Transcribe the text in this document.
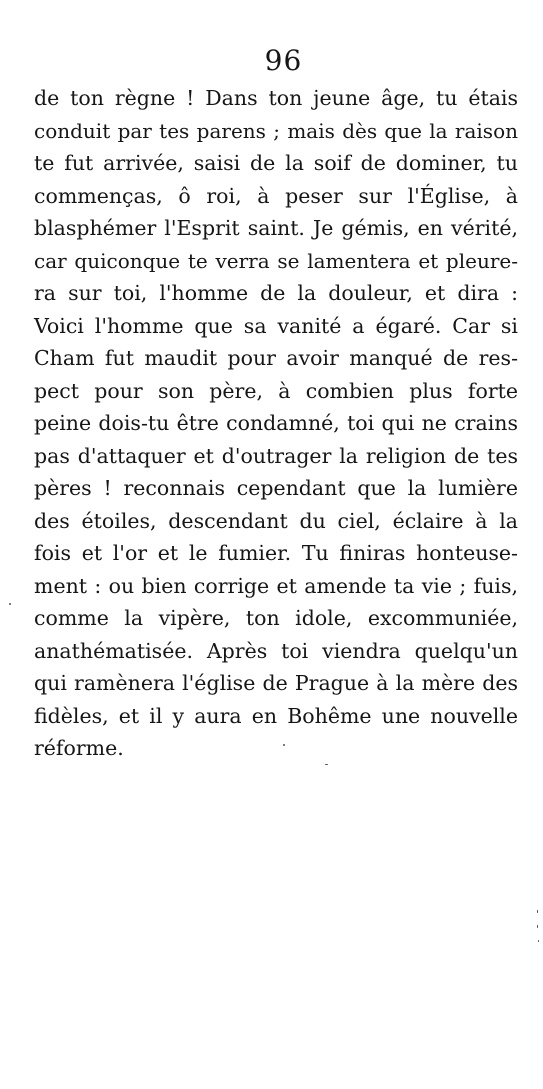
96
de ton règne ! Dans ton jeune âge, tu étais
conduit par tes parens ; mais dès que la raison
te fut arrivée, saisi de la soif de dominer, tu
commenças, ô roi, à peser sur l'Église, à
blasphémer l'Esprit saint. Je gémis, en vérité,
car quiconque te verra se lamentera et pleure-
ra sur toi, l'homme de la douleur, et dira :
Voici l'homme que sa vanité a égaré. Car si
Cham fut maudit pour avoir manqué de res-
pect pour son père, à combien plus forte
peine dois-tu être condamné, toi qui ne crains
pas d'attaquer et d'outrager la religion de tes
pères ! reconnais cependant que la lumière
des étoiles, descendant du ciel, éclaire à la
fois et l'or et le fumier. Tu finiras honteuse-
ment : ou bien corrige et amende ta vie ; fuis,
comme la vipère, ton idole, excommuniée,
anathématisée. Après toi viendra quelqu'un
qui ramènera l'église de Prague à la mère des
fidèles, et il y aura en Bohême une nouvelle
réforme.
